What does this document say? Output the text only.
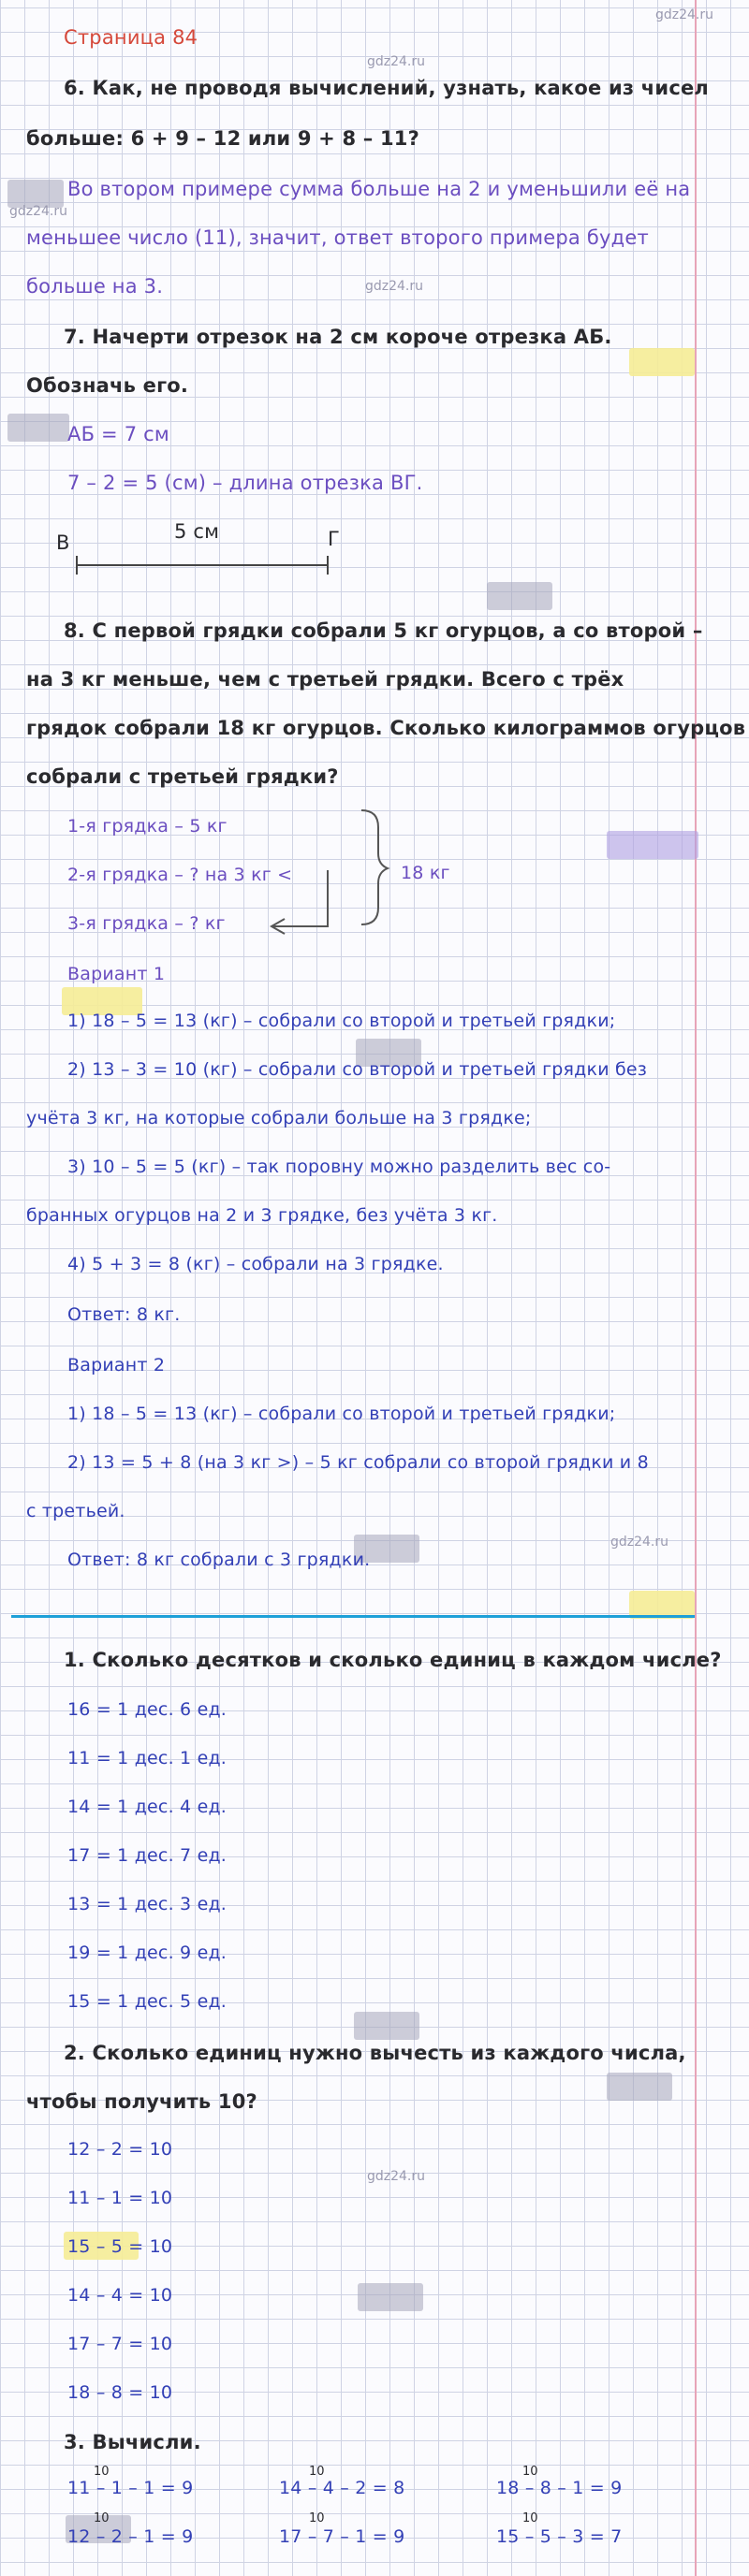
gdz24.ru
gdz24.ru
gdz24.ru
gdz24.ru
gdz24.ru
gdz24.ru
Страница 84
6. Как, не проводя вычислений, узнать, какое из чисел
больше: 6 + 9 – 12 или 9 + 8 – 11?
Во втором примере сумма больше на 2 и уменьшили её на
меньшее число (11), значит, ответ второго примера будет
больше на 3.
7. Начерти отрезок на 2 см короче отрезка АБ.
Обозначь его.
АБ = 7 см
7 – 2 = 5 (см) – длина отрезка ВГ.
В	5 см	Г
8. С первой грядки собрали 5 кг огурцов, а со второй –
на 3 кг меньше, чем с третьей грядки. Всего с трёх
грядок собрали 18 кг огурцов. Сколько килограммов огурцов
собрали с третьей грядки?
1-я грядка – 5 кг
2-я грядка – ? на 3 кг <
3-я грядка – ? кг
18 кг
Вариант 1
1) 18 – 5 = 13 (кг) – собрали со второй и третьей грядки;
2) 13 – 3 = 10 (кг) – собрали со второй и третьей грядки без
учёта 3 кг, на которые собрали больше на 3 грядке;
3) 10 – 5 = 5 (кг) – так поровну можно разделить вес со-
бранных огурцов на 2 и 3 грядке, без учёта 3 кг.
4) 5 + 3 = 8 (кг) – собрали на 3 грядке.
Ответ: 8 кг.
Вариант 2
1) 18 – 5 = 13 (кг) – собрали со второй и третьей грядки;
2) 13 = 5 + 8 (на 3 кг >) – 5 кг собрали со второй грядки и 8
с третьей.
Ответ: 8 кг собрали с 3 грядки.
1. Сколько десятков и сколько единиц в каждом числе?
16 = 1 дес. 6 ед.
11 = 1 дес. 1 ед.
14 = 1 дес. 4 ед.
17 = 1 дес. 7 ед.
13 = 1 дес. 3 ед.
19 = 1 дес. 9 ед.
15 = 1 дес. 5 ед.
2. Сколько единиц нужно вычесть из каждого числа,
чтобы получить 10?
12 – 2 = 10
11 – 1 = 10
15 – 5 = 10
14 – 4 = 10
17 – 7 = 10
18 – 8 = 10
3. Вычисли.
10	10	10
11 – 1 – 1 = 9	14 – 4 – 2 = 8	18 – 8 – 1 = 9
10	10	10
12 – 2 – 1 = 9	17 – 7 – 1 = 9	15 – 5 – 3 = 7
